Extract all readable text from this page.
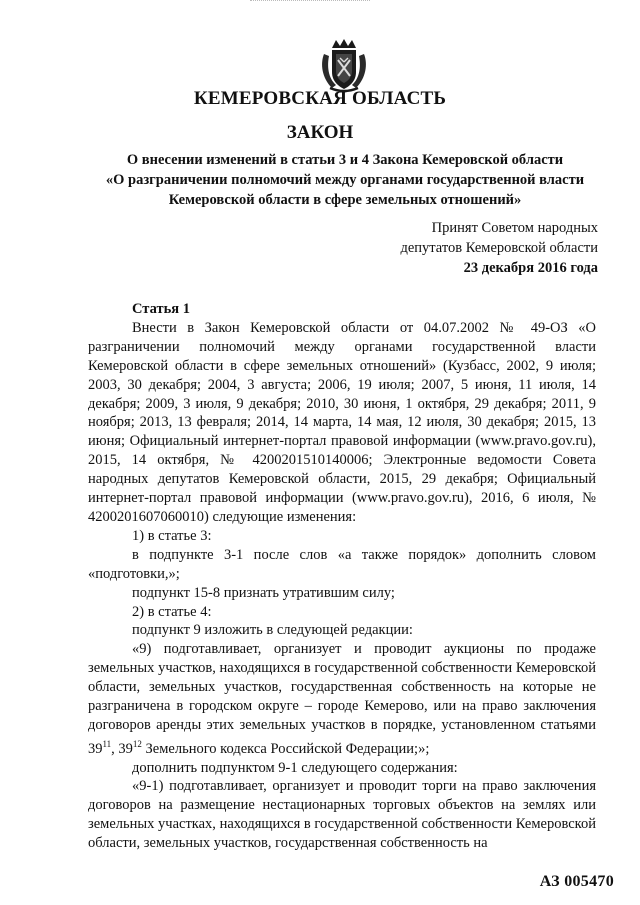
КЕМЕРОВСКАЯ ОБЛАСТЬ
ЗАКОН
О внесении изменений в статьи 3 и 4 Закона Кемеровской области
«О разграничении полномочий между органами государственной власти
Кемеровской области в сфере земельных отношений»
Принят Советом народных
депутатов Кемеровской области
23 декабря 2016 года
Статья 1

Внести в Закон Кемеровской области от 04.07.2002 № 49-ОЗ «О разграничении полномочий между органами государственной власти Кемеровской области в сфере земельных отношений» (Кузбасс, 2002, 9 июля; 2003, 30 декабря; 2004, 3 августа; 2006, 19 июля; 2007, 5 июня, 11 июля, 14 декабря; 2009, 3 июля, 9 декабря; 2010, 30 июня, 1 октября, 29 декабря; 2011, 9 ноября; 2013, 13 февраля; 2014, 14 марта, 14 мая, 12 июля, 30 декабря; 2015, 13 июня; Официальный интернет-портал правовой информации (www.pravo.gov.ru), 2015, 14 октября, № 4200201510140006; Электронные ведомости Совета народных депутатов Кемеровской области, 2015, 29 декабря; Официальный интернет-портал правовой информации (www.pravo.gov.ru), 2016, 6 июля, № 4200201607060010) следующие изменения:

1) в статье 3:

в подпункте 3-1 после слов «а также порядок» дополнить словом «подготовки,»;

подпункт 15-8 признать утратившим силу;

2) в статье 4:

подпункт 9 изложить в следующей редакции:

«9) подготавливает, организует и проводит аукционы по продаже земельных участков, находящихся в государственной собственности Кемеровской области, земельных участков, государственная собственность на которые не разграничена в городском округе – городе Кемерово, или на право заключения договоров аренды этих земельных участков в порядке, установленном статьями $39^{11}$, $39^{12}$ Земельного кодекса Российской Федерации;»;

дополнить подпунктом 9-1 следующего содержания:

«9-1) подготавливает, организует и проводит торги на право заключения договоров на размещение нестационарных торговых объектов на землях или земельных участках, находящихся в государственной собственности Кемеровской области, земельных участков, государственная собственность на

АЗ 005470
